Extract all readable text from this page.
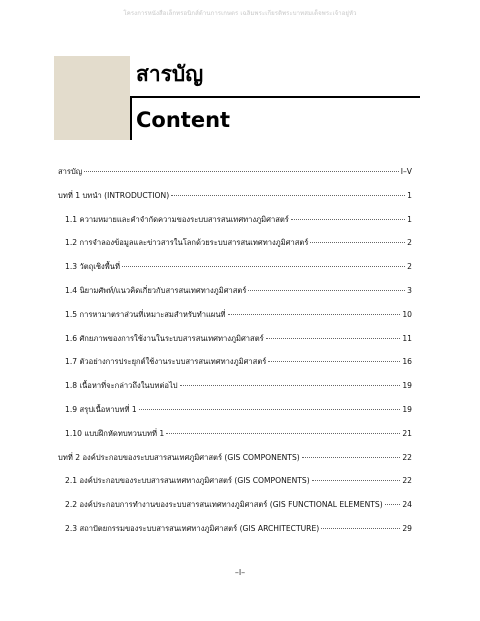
โครงการหนังสือเล็กทรอนิกส์ด้านการเกษตร เฉลิมพระเกียรติพระบาทสมเด็จพระเจ้าอยู่หัว
สารบัญ
Content
สารบัญ	I–V
บทที่ 1 บทนำ (INTRODUCTION)	1
1.1 ความหมายและคำจำกัดความของระบบสารสนเทศทางภูมิศาสตร์	1
1.2 การจำลองข้อมูลและข่าวสารในโลกด้วยระบบสารสนเทศทางภูมิศาสตร์	2
1.3 วัตถุเชิงพื้นที่	2
1.4 นิยามศัพท์/แนวคิดเกี่ยวกับสารสนเทศทางภูมิศาสตร์	3
1.5 การหามาตราส่วนที่เหมาะสมสำหรับทำแผนที่	10
1.6 ศักยภาพของการใช้งานในระบบสารสนเทศทางภูมิศาสตร์	11
1.7 ตัวอย่างการประยุกต์ใช้งานระบบสารสนเทศทางภูมิศาสตร์	16
1.8 เนื้อหาที่จะกล่าวถึงในบทต่อไป	19
1.9 สรุปเนื้อหาบทที่ 1	19
1.10 แบบฝึกหัดทบทวนบทที่ 1	21
บทที่ 2 องค์ประกอบของระบบสารสนเทศภูมิศาสตร์ (GIS COMPONENTS)	22
2.1 องค์ประกอบของระบบสารสนเทศทางภูมิศาสตร์ (GIS COMPONENTS)	22
2.2 องค์ประกอบการทำงานของระบบสารสนเทศทางภูมิศาสตร์ (GIS FUNCTIONAL ELEMENTS)	24
2.3 สถาปัตยกรรมของระบบสารสนเทศทางภูมิศาสตร์ (GIS ARCHITECTURE)	29
–I–
